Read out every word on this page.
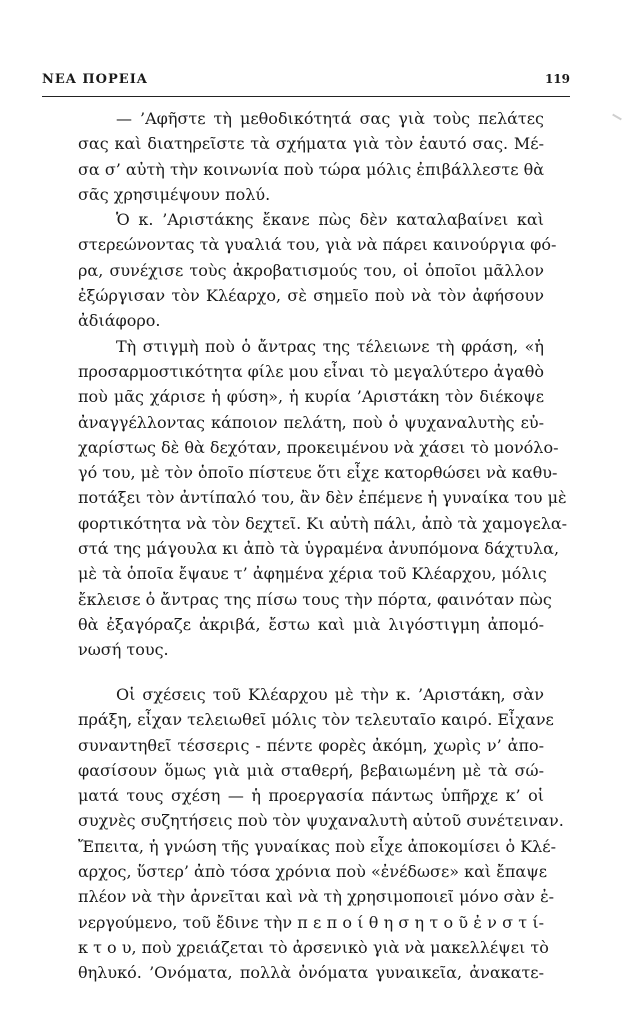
ΝΕΑ ΠΟΡΕΙΑ	119
— ’Αφῆστε τὴ μεθοδικότητά σας γιὰ τοὺς πελάτες
σας καὶ διατηρεῖστε τὰ σχήματα γιὰ τὸν ἑαυτό σας. Μέ-
σα σ’ αὐτὴ τὴν κοινωνία ποὺ τώρα μόλις ἐπιβάλλεστε θὰ
σᾶς χρησιμέψουν πολύ.
Ὁ κ. ’Αριστάκης ἔκανε πὼς δὲν καταλαβαίνει καὶ
στερεώνοντας τὰ γυαλιά του, γιὰ νὰ πάρει καινούργια φό-
ρα, συνέχισε τοὺς ἀκροβατισμούς του, οἱ ὁποῖοι μᾶλλον
ἐξώργισαν τὸν Κλέαρχο, σὲ σημεῖο ποὺ νὰ τὸν ἀφήσουν
ἀδιάφορο.
Τὴ στιγμὴ ποὺ ὁ ἄντρας της τέλειωνε τὴ φράση, «ἡ
προσαρμοστικότητα φίλε μου εἶναι τὸ μεγαλύτερο ἀγαθὸ
ποὺ μᾶς χάρισε ἡ φύση», ἡ κυρία ’Αριστάκη τὸν διέκοψε
ἀναγγέλλοντας κάποιον πελάτη, ποὺ ὁ ψυχαναλυτὴς εὐ-
χαρίστως δὲ θὰ δεχόταν, προκειμένου νὰ χάσει τὸ μονόλο-
γό του, μὲ τὸν ὁποῖο πίστευε ὅτι εἶχε κατορθώσει νὰ καθυ-
ποτάξει τὸν ἀντίπαλό του, ἂν δὲν ἐπέμενε ἡ γυναίκα του μὲ
φορτικότητα νὰ τὸν δεχτεῖ. Κι αὐτὴ πάλι, ἀπὸ τὰ χαμογελα-
στά της μάγουλα κι ἀπὸ τὰ ὑγραμένα ἀνυπόμονα δάχτυλα,
μὲ τὰ ὁποῖα ἔψαυε τ’ ἀφημένα χέρια τοῦ Κλέαρχου, μόλις
ἔκλεισε ὁ ἄντρας της πίσω τους τὴν πόρτα, φαινόταν πὼς
θὰ ἐξαγόραζε ἀκριβά, ἔστω καὶ μιὰ λιγόστιγμη ἀπομό-
νωσή τους.
Οἱ σχέσεις τοῦ Κλέαρχου μὲ τὴν κ. ’Αριστάκη, σὰν
πράξη, εἶχαν τελειωθεῖ μόλις τὸν τελευταῖο καιρό. Εἶχανε
συναντηθεῖ τέσσερις - πέντε φορὲς ἀκόμη, χωρὶς ν’ ἀπο-
φασίσουν ὅμως γιὰ μιὰ σταθερή, βεβαιωμένη μὲ τὰ σώ-
ματά τους σχέση — ἡ προεργασία πάντως ὑπῆρχε κ’ οἱ
συχνὲς συζητήσεις ποὺ τὸν ψυχαναλυτὴ αὐτοῦ συνέτειναν.
Ἔπειτα, ἡ γνώση τῆς γυναίκας ποὺ εἶχε ἀποκομίσει ὁ Κλέ-
αρχος, ὕστερ’ ἀπὸ τόσα χρόνια ποὺ «ἐνέδωσε» καὶ ἔπαψε
πλέον νὰ τὴν ἀρνεῖται καὶ νὰ τὴ χρησιμοποιεῖ μόνο σὰν ἐ-
νεργούμενο, τοῦ ἔδινε τὴν π ε π ο ί θ η σ η τ ο ῦ ἐ ν σ τ ί-
κ τ ο υ, ποὺ χρειάζεται τὸ ἀρσενικὸ γιὰ νὰ μακελλέψει τὸ
θηλυκό. ’Ονόματα, πολλὰ ὀνόματα γυναικεῖα, ἀνακατε-
